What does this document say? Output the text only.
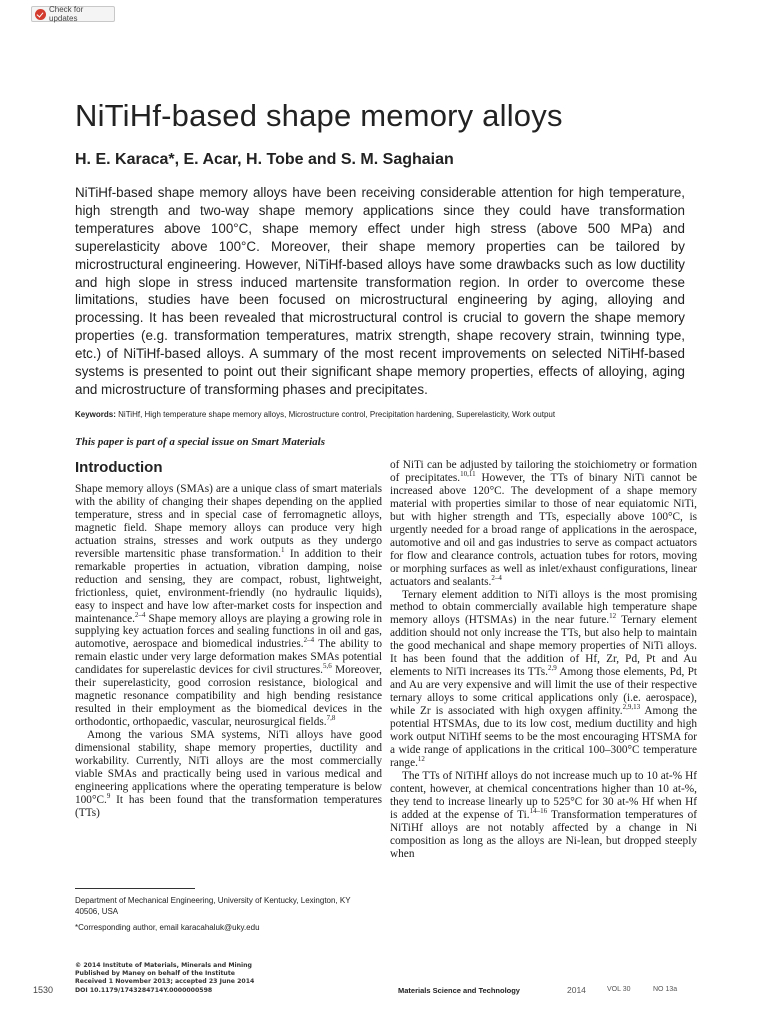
Check for updates
NiTiHf-based shape memory alloys
H. E. Karaca*, E. Acar, H. Tobe and S. M. Saghaian

NiTiHf-based shape memory alloys have been receiving considerable attention for high temperature, high strength and two-way shape memory applications since they could have transformation temperatures above 100°C, shape memory effect under high stress (above 500 MPa) and superelasticity above 100°C. Moreover, their shape memory properties can be tailored by microstructural engineering. However, NiTiHf-based alloys have some drawbacks such as low ductility and high slope in stress induced martensite transformation region. In order to overcome these limitations, studies have been focused on microstructural engineering by aging, alloying and processing. It has been revealed that microstructural control is crucial to govern the shape memory properties (e.g. transformation temperatures, matrix strength, shape recovery strain, twinning type, etc.) of NiTiHf-based alloys. A summary of the most recent improvements on selected NiTiHf-based systems is presented to point out their significant shape memory properties, effects of alloying, aging and microstructure of transforming phases and precipitates.

Keywords: NiTiHf, High temperature shape memory alloys, Microstructure control, Precipitation hardening, Superelasticity, Work output

This paper is part of a special issue on Smart Materials

Introduction

Shape memory alloys (SMAs) are a unique class of smart materials with the ability of changing their shapes depending on the applied temperature, stress and in special case of ferromagnetic alloys, magnetic field. Shape memory alloys can produce very high actuation strains, stresses and work outputs as they undergo reversible martensitic phase transformation.$^1$ In addition to their remarkable properties in actuation, vibration damping, noise reduction and sensing, they are compact, robust, lightweight, frictionless, quiet, environment-friendly (no hydraulic liquids), easy to inspect and have low after-market costs for inspection and maintenance.$^{2-4}$ Shape memory alloys are playing a growing role in supplying key actuation forces and sealing functions in oil and gas, automotive, aerospace and biomedical industries.$^{2-4}$ The ability to remain elastic under very large deformation makes SMAs potential candidates for superelastic devices for civil structures.$^{5,6}$ Moreover, their superelasticity, good corrosion resistance, biological and magnetic resonance compatibility and high bending resistance resulted in their employment as the biomedical devices in the orthodontic, orthopaedic, vascular, neurosurgical fields.$^{7,8}$

Among the various SMA systems, NiTi alloys have good dimensional stability, shape memory properties, ductility and workability. Currently, NiTi alloys are the most commercially viable SMAs and practically being used in various medical and engineering applications where the operating temperature is below 100°C.$^9$ It has been found that the transformation temperatures (TTs)

of NiTi can be adjusted by tailoring the stoichiometry or formation of precipitates.$^{10,11}$ However, the TTs of binary NiTi cannot be increased above 120°C. The development of a shape memory material with properties similar to those of near equiatomic NiTi, but with higher strength and TTs, especially above 100°C, is urgently needed for a broad range of applications in the aerospace, automotive and oil and gas industries to serve as compact actuators for flow and clearance controls, actuation tubes for rotors, moving or morphing surfaces as well as inlet/exhaust configurations, linear actuators and sealants.$^{2-4}$

Ternary element addition to NiTi alloys is the most promising method to obtain commercially available high temperature shape memory alloys (HTSMAs) in the near future.$^{12}$ Ternary element addition should not only increase the TTs, but also help to maintain the good mechanical and shape memory properties of NiTi alloys. It has been found that the addition of Hf, Zr, Pd, Pt and Au elements to NiTi increases its TTs.$^{2,9}$ Among those elements, Pd, Pt and Au are very expensive and will limit the use of their respective ternary alloys to some critical applications only (i.e. aerospace), while Zr is associated with high oxygen affinity.$^{2,9,13}$ Among the potential HTSMAs, due to its low cost, medium ductility and high work output NiTiHf seems to be the most encouraging HTSMA for a wide range of applications in the critical 100–300°C temperature range.$^{12}$

The TTs of NiTiHf alloys do not increase much up to 10 at-% Hf content, however, at chemical concentrations higher than 10 at-%, they tend to increase linearly up to 525°C for 30 at-% Hf when Hf is added at the expense of Ti.$^{14-16}$ Transformation temperatures of NiTiHf alloys are not notably affected by a change in Ni composition as long as the alloys are Ni-lean, but dropped steeply when

Department of Mechanical Engineering, University of Kentucky, Lexington, KY 40506, USA

*Corresponding author, email karacahaluk@uky.edu

© 2014 Institute of Materials, Minerals and Mining
Published by Maney on behalf of the Institute
Received 1 November 2013; accepted 23 June 2014
DOI 10.1179/1743284714Y.0000000598

1530	Materials Science and Technology	2014	VOL 30	NO 13a
